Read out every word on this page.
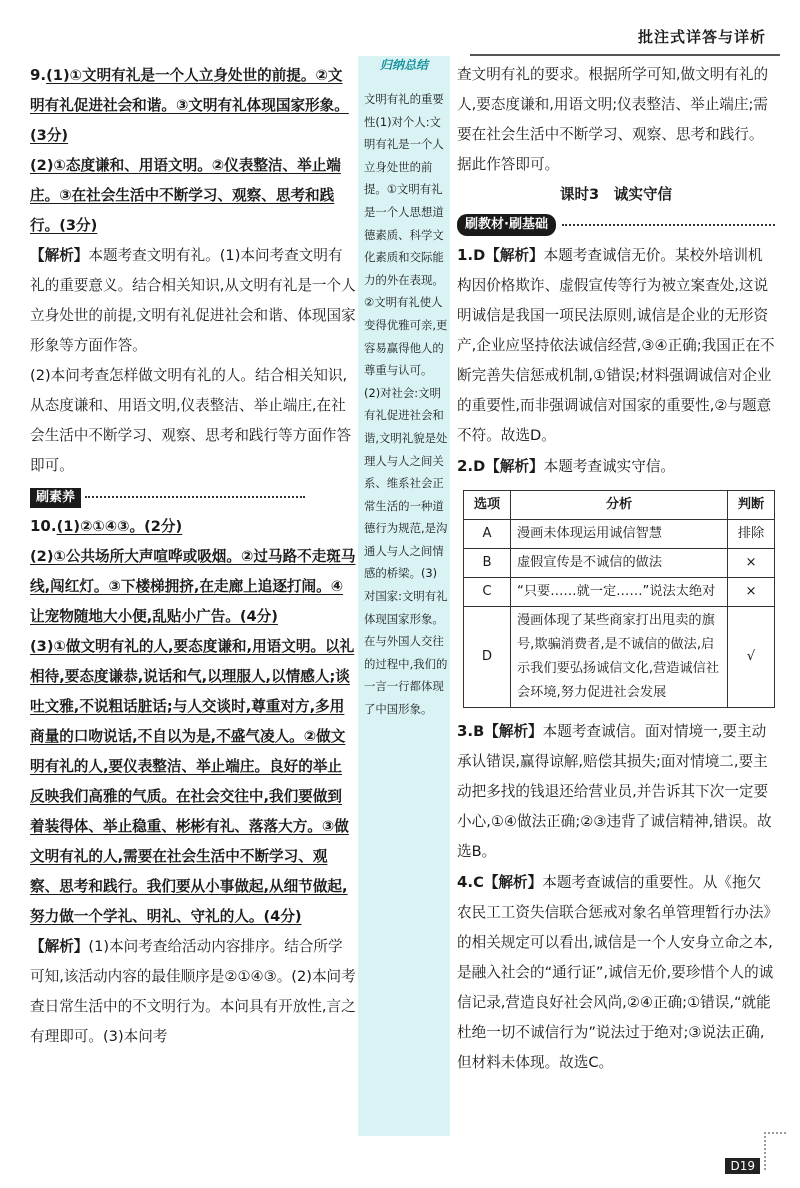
批注式详答与详析

9.(1)①文明有礼是一个人立身处世的前提。②文明有礼促进社会和谐。③文明有礼体现国家形象。(3分)

(2)①态度谦和、用语文明。②仪表整洁、举止端庄。③在社会生活中不断学习、观察、思考和践行。(3分)

【解析】本题考查文明有礼。(1)本问考查文明有礼的重要意义。结合相关知识,从文明有礼是一个人立身处世的前提,文明有礼促进社会和谐、体现国家形象等方面作答。

(2)本问考查怎样做文明有礼的人。结合相关知识,从态度谦和、用语文明,仪表整洁、举止端庄,在社会生活中不断学习、观察、思考和践行等方面作答即可。

刷素养

10.(1)②①④③。(2分)

(2)①公共场所大声喧哗或吸烟。②过马路不走斑马线,闯红灯。③下楼梯拥挤,在走廊上追逐打闹。④让宠物随地大小便,乱贴小广告。(4分)

(3)①做文明有礼的人,要态度谦和,用语文明。以礼相待,要态度谦恭,说话和气,以理服人,以情感人;谈吐文雅,不说粗话脏话;与人交谈时,尊重对方,多用商量的口吻说话,不自以为是,不盛气凌人。②做文明有礼的人,要仪表整洁、举止端庄。良好的举止反映我们高雅的气质。在社会交往中,我们要做到着装得体、举止稳重、彬彬有礼、落落大方。③做文明有礼的人,需要在社会生活中不断学习、观察、思考和践行。我们要从小事做起,从细节做起,努力做一个学礼、明礼、守礼的人。(4分)

【解析】(1)本问考查给活动内容排序。结合所学可知,该活动内容的最佳顺序是②①④③。(2)本问考查日常生活中的不文明行为。本问具有开放性,言之有理即可。(3)本问考

归纳总结
文明有礼的重要性(1)对个人:文明有礼是一个人立身处世的前提。①文明有礼是一个人思想道德素质、科学文化素质和交际能力的外在表现。②文明有礼使人变得优雅可亲,更容易赢得他人的尊重与认可。(2)对社会:文明有礼促进社会和谐,文明礼貌是处理人与人之间关系、维系社会正常生活的一种道德行为规范,是沟通人与人之间情感的桥梁。(3)对国家:文明有礼体现国家形象。在与外国人交往的过程中,我们的一言一行都体现了中国形象。

查文明有礼的要求。根据所学可知,做文明有礼的人,要态度谦和,用语文明;仪表整洁、举止端庄;需要在社会生活中不断学习、观察、思考和践行。据此作答即可。

课时3　诚实守信

刷教材·刷基础

1.D【解析】本题考查诚信无价。某校外培训机构因价格欺诈、虚假宣传等行为被立案查处,这说明诚信是我国一项民法原则,诚信是企业的无形资产,企业应坚持依法诚信经营,③④正确;我国正在不断完善失信惩戒机制,①错误;材料强调诚信对企业的重要性,而非强调诚信对国家的重要性,②与题意不符。故选D。

2.D【解析】本题考查诚实守信。

选项	分析	判断
A	漫画未体现运用诚信智慧	排除
B	虚假宣传是不诚信的做法	×
C	“只要……就一定……”说法太绝对	×
D	漫画体现了某些商家打出甩卖的旗号,欺骗消费者,是不诚信的做法,启示我们要弘扬诚信文化,营造诚信社会环境,努力促进社会发展	√

3.B【解析】本题考查诚信。面对情境一,要主动承认错误,赢得谅解,赔偿其损失;面对情境二,要主动把多找的钱退还给营业员,并告诉其下次一定要小心,①④做法正确;②③违背了诚信精神,错误。故选B。

4.C【解析】本题考查诚信的重要性。从《拖欠农民工工资失信联合惩戒对象名单管理暂行办法》的相关规定可以看出,诚信是一个人安身立命之本,是融入社会的“通行证”,诚信无价,要珍惜个人的诚信记录,营造良好社会风尚,②④正确;①错误,“就能杜绝一切不诚信行为”说法过于绝对;③说法正确,但材料未体现。故选C。

D19
